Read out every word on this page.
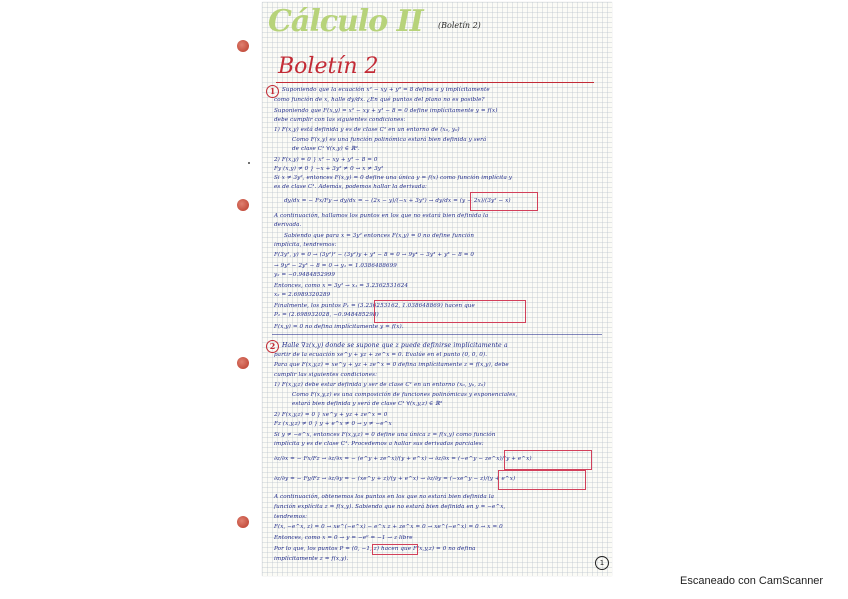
Cálculo II (Boletín 2)
Boletín 2
1	Suponiendo que la ecuación x² − xy + y³ = 8 define a y implícitamente
como función de x, halle dy/dx. ¿En qué puntos del plano no es posible?
Suponiendo que F(x,y) = x² − xy + y³ − 8 = 0 define implícitamente y = f(x)
debe cumplir con las siguientes condiciones:
1) F(x,y) está definida y es de clase C¹ en un entorno de (x₀, y₀)
Como F(x,y) es una función polinómica estará bien definida y será
de clase C¹ ∀(x,y) ∈ ℝ².
2) F(x,y) = 0 } x² − xy + y³ − 8 = 0
Fy (x,y) ≠ 0 } −x + 3y² ≠ 0 → x ≠ 3y²
Si x ≠ 3y², entonces F(x,y) = 0 define una única y = f(x) como función implícita y
es de clase C¹. Además, podemos hallar la derivada:
dy/dx = − Fx/Fy → dy/dx = − (2x − y)/(−x + 3y²) → dy/dx = (y − 2x)/(3y² − x)
A continuación, hallamos los puntos en los que no estará bien definida la
derivada.
Sabiendo que para x = 3y² entonces F(x,y) = 0 no define función
implícita, tendremos:
F(3y², y) = 0 → (3y²)² − (3y²)y + y³ − 8 = 0 → 9y⁴ − 3y³ + y³ − 8 = 0
→ 9y⁴ − 2y³ − 8 = 0 → y₁ = 1.0386488699
y₂ = −0.9484852999
Entonces, como x = 3y² → x₁ = 3.2362531624
x₂ = 2.6989320289
Finalmente, los puntos P₁ = (3.236253162, 1.038648869) hacen que
P₂ = (2.698932028, −0.948485298)
F(x,y) = 0 no defina implícitamente y = f(x).
2	Halle ∇z(x,y) donde se supone que z puede definirse implícitamente a
partir de la ecuación xe^y + yz + ze^x = 0. Evalúe en el punto (0, 0, 0).
Para que F(x,y,z) = xe^y + yz + ze^x = 0 defina implícitamente z = f(x,y), debe
cumplir las siguientes condiciones:
1) F(x,y,z) debe estar definida y ser de clase C¹ en un entorno (x₀, y₀, z₀)
Como F(x,y,z) es una composición de funciones polinómicas y exponenciales,
estará bien definida y será de clase C¹ ∀(x,y,z) ∈ ℝ³
2) F(x,y,z) = 0 } xe^y + yz + ze^x = 0
Fz (x,y,z) ≠ 0 } y + e^x ≠ 0 → y ≠ −e^x
Si y ≠ −e^x, entonces F(x,y,z) = 0 define una única z = f(x,y) como función
implícita y es de clase C¹. Procedemos a hallar sus derivadas parciales:
∂z/∂x = − Fx/Fz → ∂z/∂x = − (e^y + ze^x)/(y + e^x) → ∂z/∂x = (−e^y − ze^x)/(y + e^x)
∂z/∂y = − Fy/Fz → ∂z/∂y = − (xe^y + z)/(y + e^x) → ∂z/∂y = (−xe^y − z)/(y + e^x)
A continuación, obtenemos los puntos en los que no estará bien definida la
función explícita z = f(x,y). Sabiendo que no estará bien definida en y = −e^x,
tendremos:
F(x, −e^x, z) = 0 → xe^(−e^x) − e^x z + ze^x = 0 → xe^(−e^x) = 0 → x = 0
Entonces, como x = 0 → y = −e⁰ = −1 → z libre
Por lo que, los puntos P = (0, −1, z) hacen que F(x,y,z) = 0 no defina
implícitamente z = f(x,y).	1
Escaneado con CamScanner
